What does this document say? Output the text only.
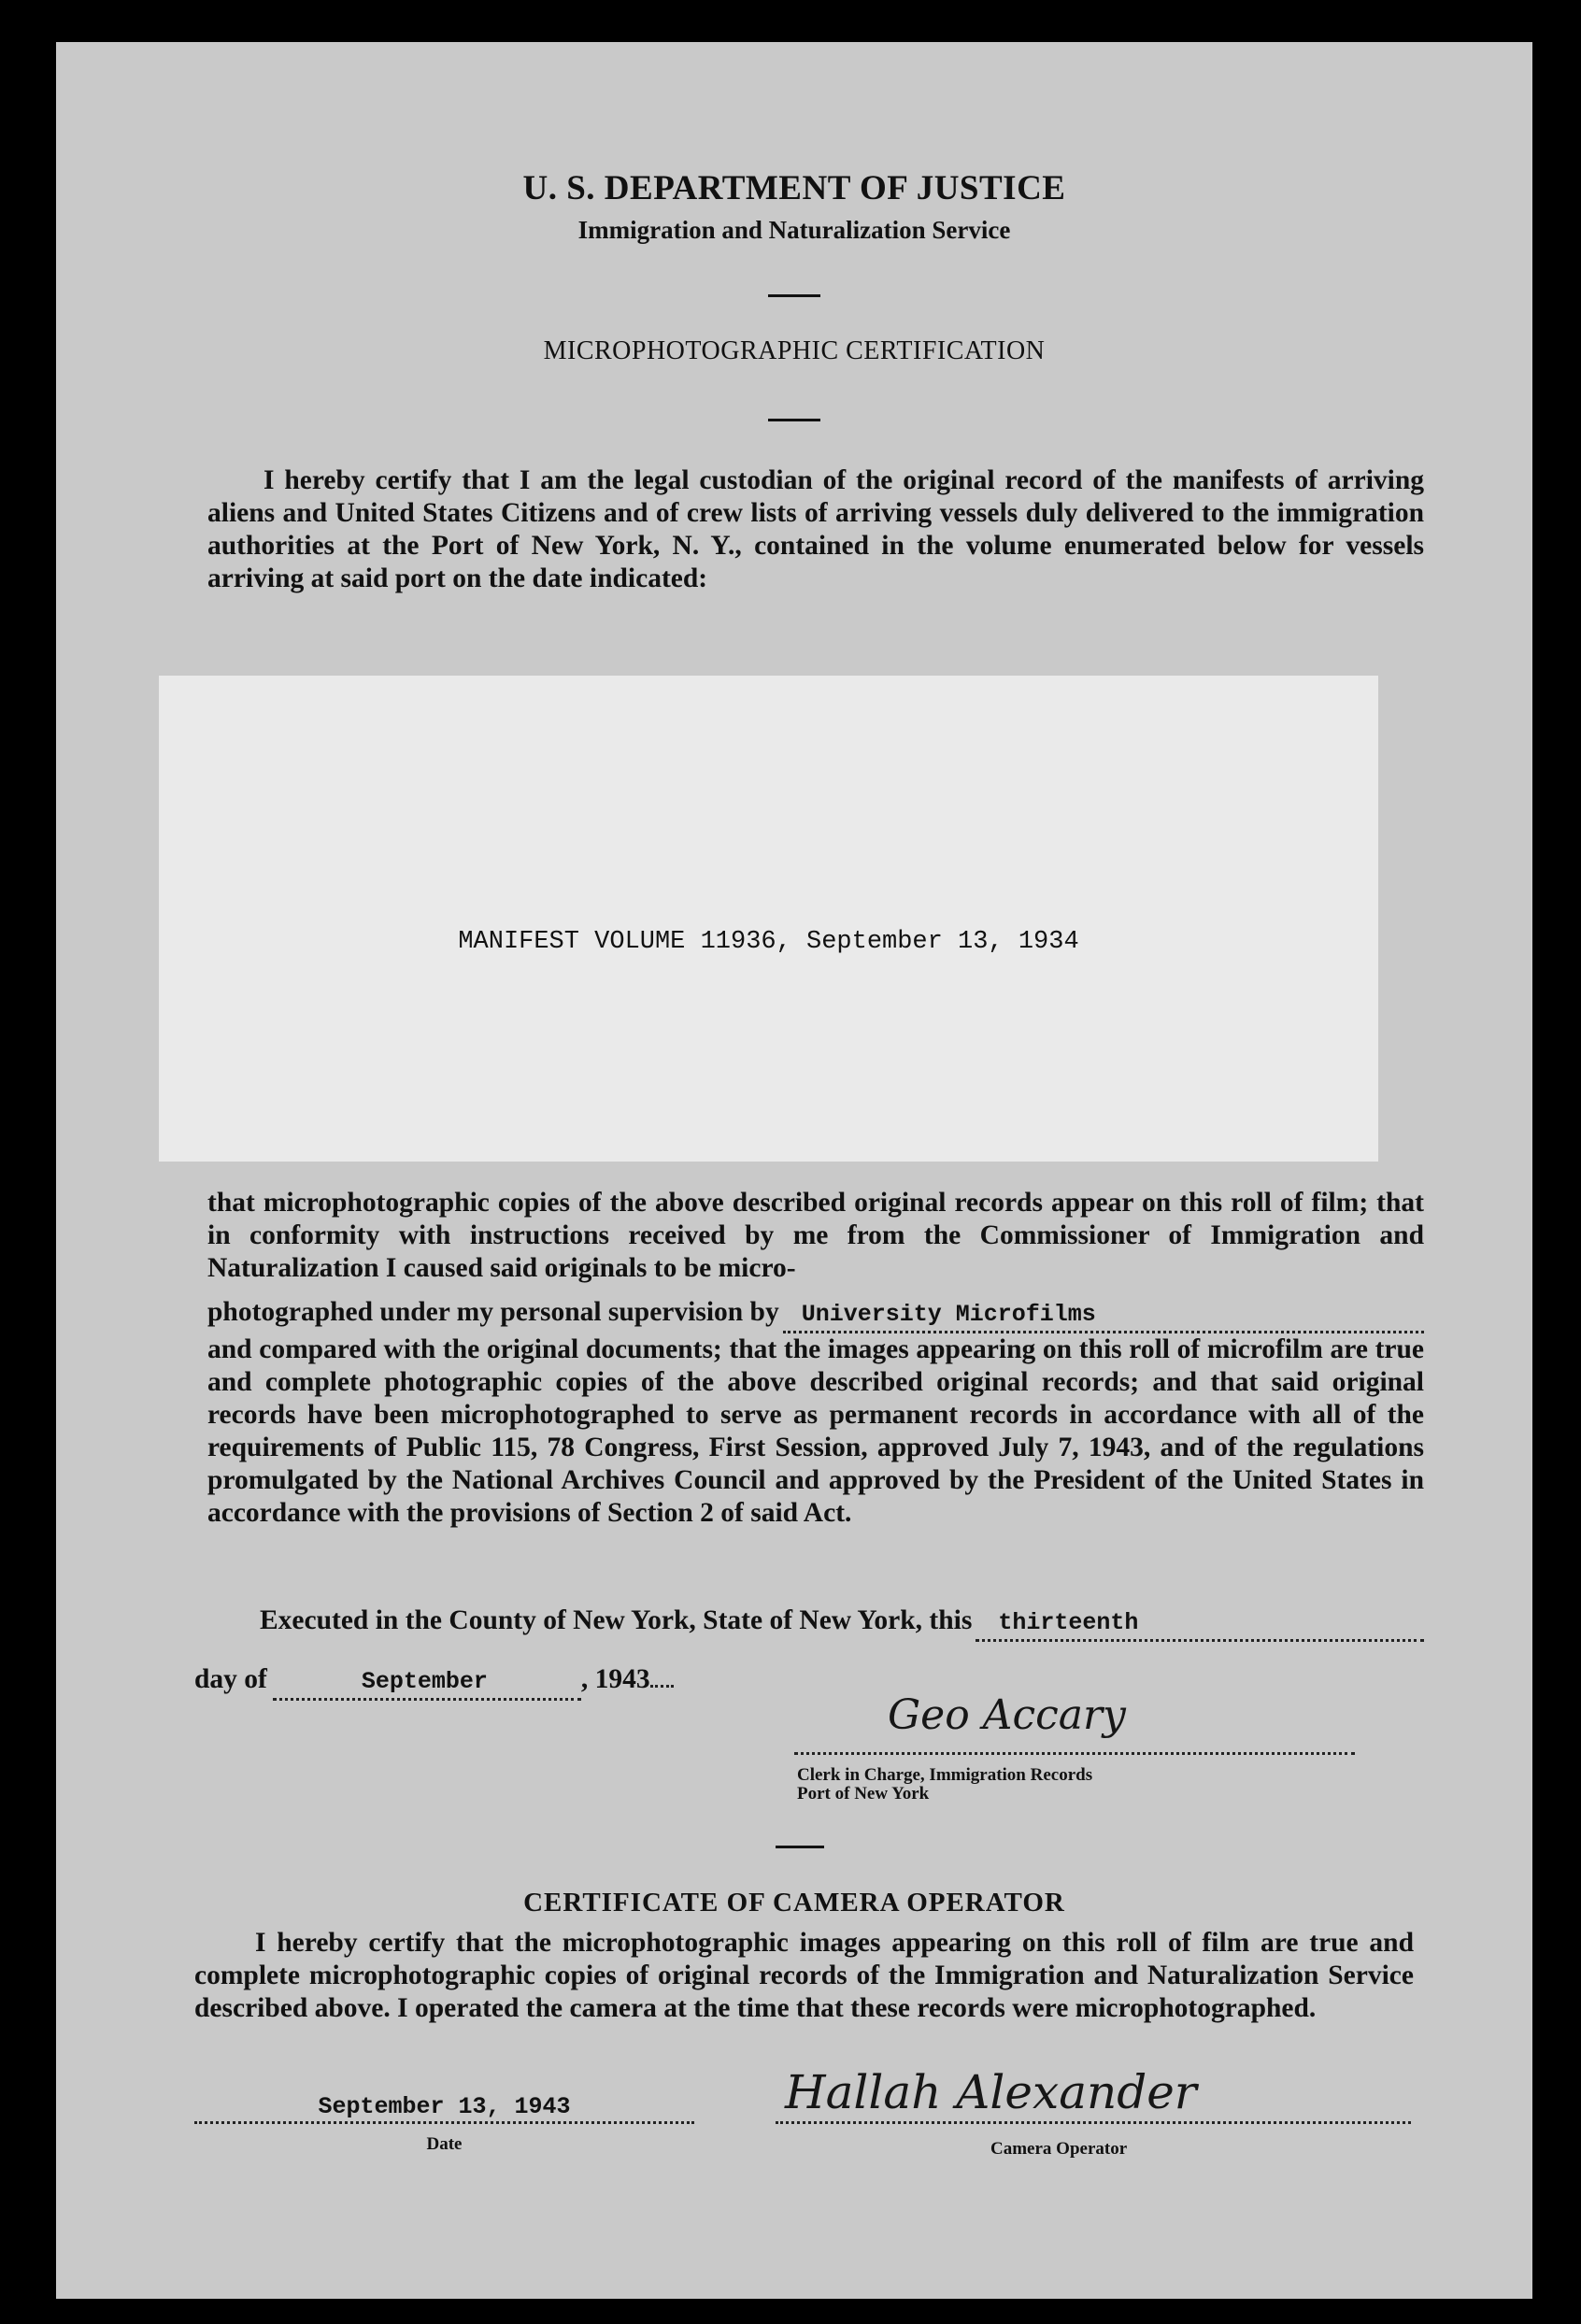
U. S. DEPARTMENT OF JUSTICE
Immigration and Naturalization Service
MICROPHOTOGRAPHIC CERTIFICATION
I hereby certify that I am the legal custodian of the original record of the manifests of arriving aliens and United States Citizens and of crew lists of arriving vessels duly delivered to the immigration authorities at the Port of New York, N. Y., contained in the volume enumerated below for vessels arriving at said port on the date indicated:
MANIFEST VOLUME 11936, September 13, 1934
that microphotographic copies of the above described original records appear on this roll of film; that in conformity with instructions received by me from the Commissioner of Immigration and Naturalization I caused said originals to be micro-
photographed under my personal supervision by University Microfilms
and compared with the original documents; that the images appearing on this roll of microfilm are true and complete photographic copies of the above described original records; and that said original records have been microphotographed to serve as permanent records in accordance with all of the requirements of Public 115, 78 Congress, First Session, approved July 7, 1943, and of the regulations promulgated by the National Archives Council and approved by the President of the United States in accordance with the provisions of Section 2 of said Act.
Executed in the County of New York, State of New York, this	thirteenth
day of	September	, 194 3
Geo Accary
Clerk in Charge, Immigration Records
Port of New York
CERTIFICATE OF CAMERA OPERATOR
I hereby certify that the microphotographic images appearing on this roll of film are true and complete microphotographic copies of original records of the Immigration and Naturalization Service described above. I operated the camera at the time that these records were microphotographed.
September 13, 1943
Date
Hallah Alexander
Camera Operator
